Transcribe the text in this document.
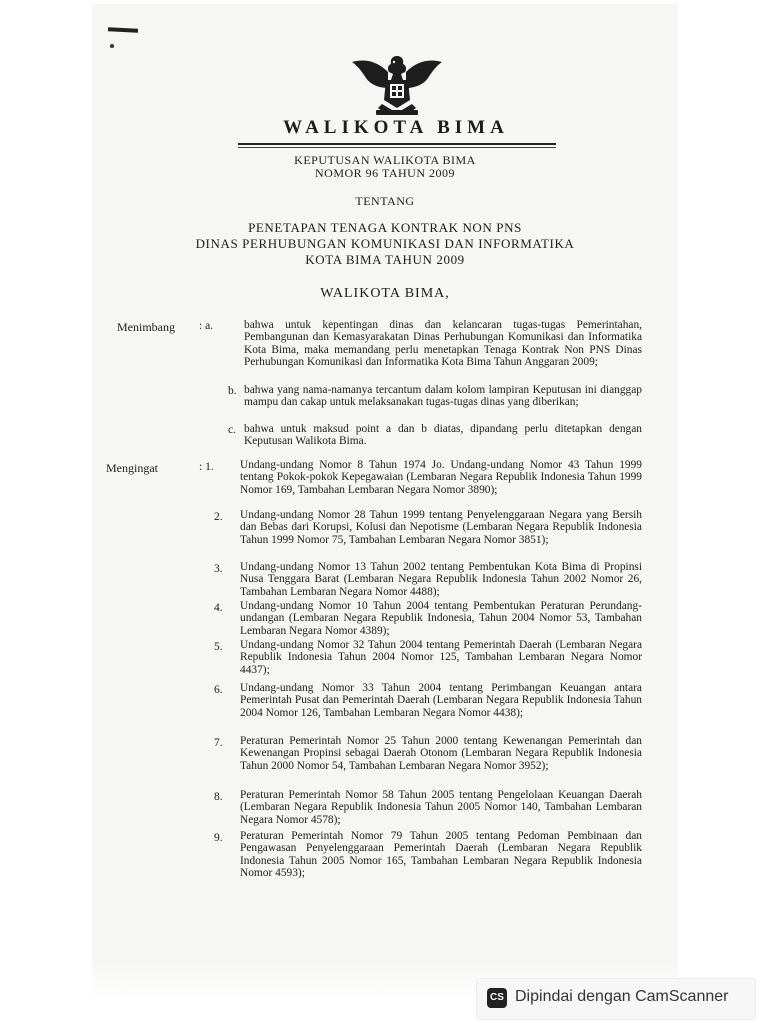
WALIKOTA BIMA
KEPUTUSAN WALIKOTA BIMA
NOMOR 96 TAHUN 2009
TENTANG
PENETAPAN TENAGA KONTRAK NON PNS
DINAS PERHUBUNGAN KOMUNIKASI DAN INFORMATIKA
KOTA BIMA TAHUN 2009
WALIKOTA BIMA,
Menimbang : a.	bahwa untuk kepentingan dinas dan kelancaran tugas-tugas Pemerintahan, Pembangunan dan Kemasyarakatan Dinas Perhubungan Komunikasi dan Informatika Kota Bima, maka memandang perlu menetapkan Tenaga Kontrak Non PNS Dinas Perhubungan Komunikasi dan Informatika Kota Bima Tahun Anggaran 2009;
b. bahwa yang nama-namanya tercantum dalam kolom lampiran Keputusan ini dianggap mampu dan cakap untuk melaksanakan tugas-tugas dinas yang diberikan;
c. bahwa untuk maksud point a dan b diatas, dipandang perlu ditetapkan dengan Keputusan Walikota Bima.
Mengingat	: 1. Undang-undang Nomor 8 Tahun 1974 Jo. Undang-undang Nomor 43 Tahun 1999 tentang Pokok-pokok Kepegawaian (Lembaran Negara Republik Indonesia Tahun 1999 Nomor 169, Tambahan Lembaran Negara Nomor 3890);
2. Undang-undang Nomor 28 Tahun 1999 tentang Penyelenggaraan Negara yang Bersih dan Bebas dari Korupsi, Kolusi dan Nepotisme (Lembaran Negara Republik Indonesia Tahun 1999 Nomor 75, Tambahan Lembaran Negara Nomor 3851);
3. Undang-undang Nomor 13 Tahun 2002 tentang Pembentukan Kota Bima di Propinsi Nusa Tenggara Barat (Lembaran Negara Republik Indonesia Tahun 2002 Nomor 26, Tambahan Lembaran Negara Nomor 4488);
4. Undang-undang Nomor 10 Tahun 2004 tentang Pembentukan Peraturan Perundang-undangan (Lembaran Negara Republik Indonesia, Tahun 2004 Nomor 53, Tambahan Lembaran Negara Nomor 4389);
5. Undang-undang Nomor 32 Tahun 2004 tentang Pemerintah Daerah (Lembaran Negara Republik Indonesia Tahun 2004 Nomor 125, Tambahan Lembaran Negara Nomor 4437);
6. Undang-undang Nomor 33 Tahun 2004 tentang Perimbangan Keuangan antara Pemerintah Pusat dan Pemerintah Daerah (Lembaran Negara Republik Indonesia Tahun 2004 Nomor 126, Tambahan Lembaran Negara Nomor 4438);
7. Peraturan Pemerintah Nomor 25 Tahun 2000 tentang Kewenangan Pemerintah dan Kewenangan Propinsi sebagai Daerah Otonom (Lembaran Negara Republik Indonesia Tahun 2000 Nomor 54, Tambahan Lembaran Negara Nomor 3952);
8. Peraturan Pemerintah Nomor 58 Tahun 2005 tentang Pengelolaan Keuangan Daerah (Lembaran Negara Republik Indonesia Tahun 2005 Nomor 140, Tambahan Lembaran Negara Nomor 4578);
9. Peraturan Pemerintah Nomor 79 Tahun 2005 tentang Pedoman Pembinaan dan Pengawasan Penyelenggaraan Pemerintah Daerah (Lembaran Negara Republik Indonesia Tahun 2005 Nomor 165, Tambahan Lembaran Negara Republik Indonesia Nomor 4593);
CS Dipindai dengan CamScanner
